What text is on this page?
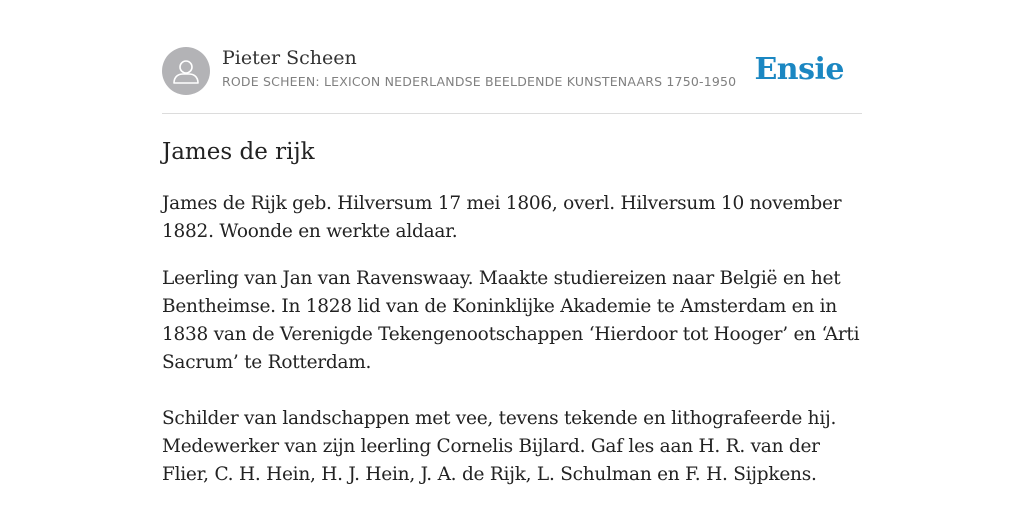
Pieter Scheen
RODE SCHEEN: LEXICON NEDERLANDSE BEELDENDE KUNSTENAARS 1750-1950 Ensie
James de rijk

James de Rijk geb. Hilversum 17 mei 1806, overl. Hilversum 10 november 1882. Woonde en werkte aldaar.

Leerling van Jan van Ravenswaay. Maakte studiereizen naar België en het Bentheimse. In 1828 lid van de Koninklijke Akademie te Amsterdam en in 1838 van de Verenigde Tekengenootschappen ‘Hierdoor tot Hooger’ en ‘Arti Sacrum’ te Rotterdam.

Schilder van landschappen met vee, tevens tekende en lithografeerde hij. Medewerker van zijn leerling Cornelis Bijlard. Gaf les aan H. R. van der Flier, C. H. Hein, H. J. Hein, J. A. de Rijk, L. Schulman en F. H. Sijpkens.
